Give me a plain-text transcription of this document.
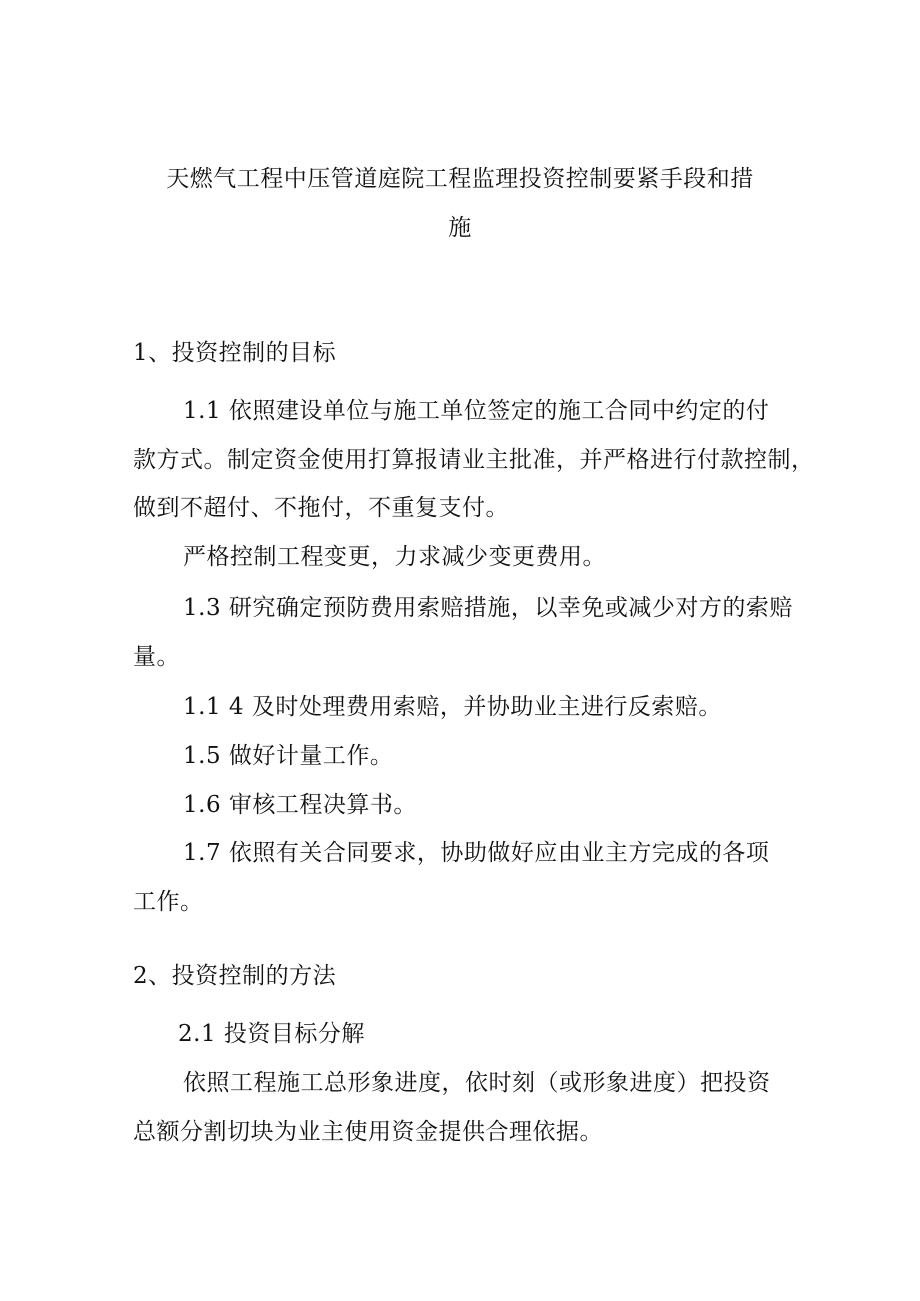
天燃气工程中压管道庭院工程监理投资控制要紧手段和措
施
1、投资控制的目标
1.1 依照建设单位与施工单位签定的施工合同中约定的付
款方式。制定资金使用打算报请业主批准，并严格进行付款控制，
做到不超付、不拖付，不重复支付。
严格控制工程变更，力求减少变更费用。
1.3 研究确定预防费用索赔措施，以幸免或减少对方的索赔
量。
1.1 4 及时处理费用索赔，并协助业主进行反索赔。
1.5 做好计量工作。
1.6 审核工程决算书。
1.7 依照有关合同要求，协助做好应由业主方完成的各项
工作。
2、投资控制的方法
2.1 投资目标分解
依照工程施工总形象进度，依时刻（或形象进度）把投资
总额分割切块为业主使用资金提供合理依据。
